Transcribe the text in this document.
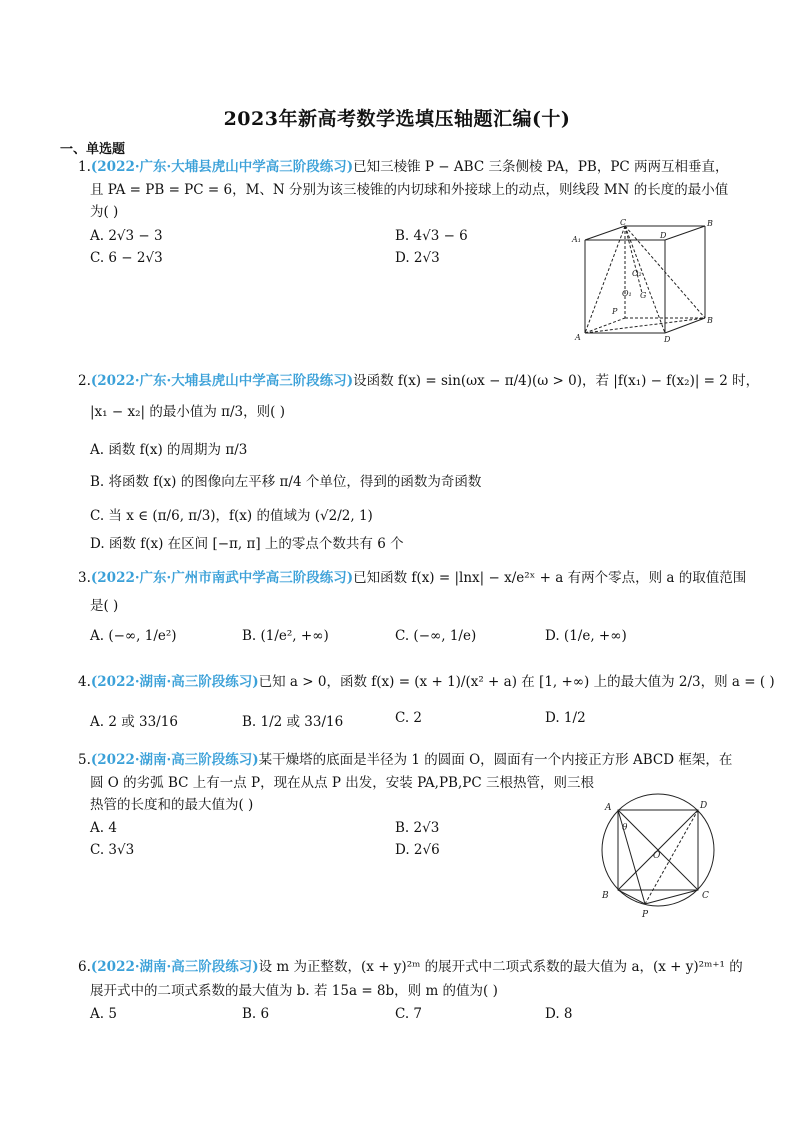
2023年新高考数学选填压轴题汇编(十)
一、单选题
1.(2022·广东·大埔县虎山中学高三阶段练习)已知三棱锥 P − ABC 三条侧棱 PA，PB，PC 两两互相垂直，
且 PA = PB = PC = 6，M、N 分别为该三棱锥的内切球和外接球上的动点，则线段 MN 的长度的最小值
为( )
A. 2√3 − 3	B. 4√3 − 6
C. 6 − 2√3	D. 2√3
A₁
C
D
B
O₂
O₁ G
P
A	D
B
2.(2022·广东·大埔县虎山中学高三阶段练习)设函数 f(x) = sin(ωx − π/4)(ω > 0)，若 |f(x₁) − f(x₂)| = 2 时，
|x₁ − x₂| 的最小值为 π/3，则( )
A. 函数 f(x) 的周期为 π/3
B. 将函数 f(x) 的图像向左平移 π/4 个单位，得到的函数为奇函数
C. 当 x ∈ (π/6, π/3)，f(x) 的值域为 (√2/2, 1)
D. 函数 f(x) 在区间 [−π, π] 上的零点个数共有 6 个
3.(2022·广东·广州市南武中学高三阶段练习)已知函数 f(x) = |lnx| − x/e²ˣ + a 有两个零点，则 a 的取值范围
是( )
A. (−∞, 1/e²)	B. (1/e², +∞)	C. (−∞, 1/e)	D. (1/e, +∞)
4.(2022·湖南·高三阶段练习)已知 a > 0，函数 f(x) = (x + 1)/(x² + a) 在 [1, +∞) 上的最大值为 2/3，则 a = ( )
A. 2 或 33/16	B. 1/2 或 33/16	C. 2	D. 1/2
5.(2022·湖南·高三阶段练习)某干燥塔的底面是半径为 1 的圆面 O，圆面有一个内接正方形 ABCD 框架，在
圆 O 的劣弧 BC 上有一点 P，现在从点 P 出发，安装 PA,PB,PC 三根热管，则三根
热管的长度和的最大值为( )
A. 4	B. 2√3
C. 3√3	D. 2√6
A	D
θ
O
B	C
P
6.(2022·湖南·高三阶段练习)设 m 为正整数，(x + y)²ᵐ 的展开式中二项式系数的最大值为 a，(x + y)²ᵐ⁺¹ 的
展开式中的二项式系数的最大值为 b. 若 15a = 8b，则 m 的值为( )
A. 5	B. 6	C. 7	D. 8
